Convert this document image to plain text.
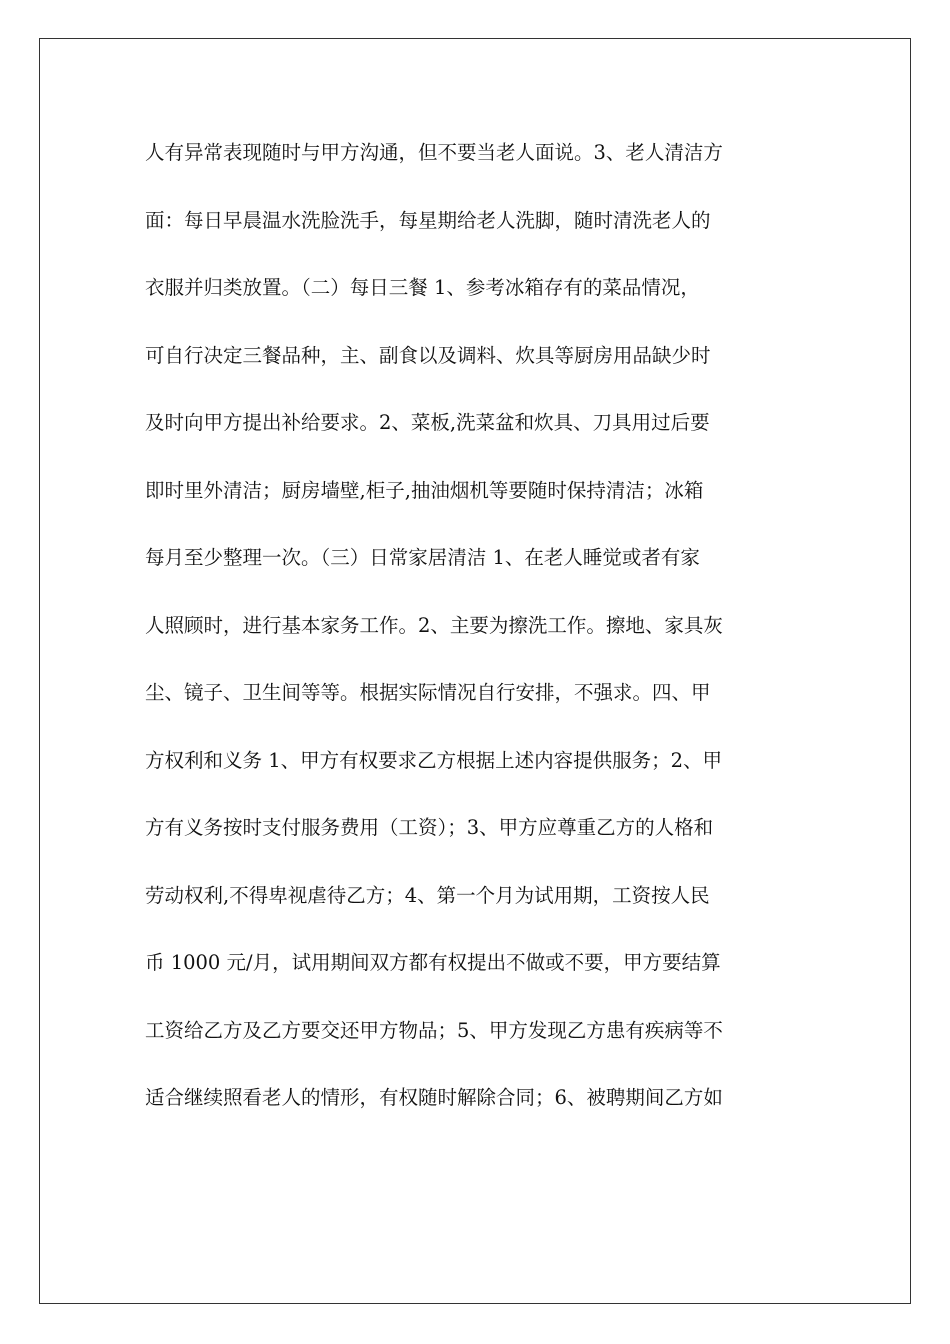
人有异常表现随时与甲方沟通，但不要当老人面说。3、老人清洁方
面：每日早晨温水洗脸洗手，每星期给老人洗脚，随时清洗老人的
衣服并归类放置。（二）每日三餐 1、参考冰箱存有的菜品情况，
可自行决定三餐品种，主、副食以及调料、炊具等厨房用品缺少时
及时向甲方提出补给要求。2、菜板,洗菜盆和炊具、刀具用过后要
即时里外清洁；厨房墙壁,柜子,抽油烟机等要随时保持清洁；冰箱
每月至少整理一次。（三）日常家居清洁 1、在老人睡觉或者有家
人照顾时，进行基本家务工作。2、主要为擦洗工作。擦地、家具灰
尘、镜子、卫生间等等。根据实际情况自行安排，不强求。四、甲
方权利和义务 1、甲方有权要求乙方根据上述内容提供服务；2、甲
方有义务按时支付服务费用（工资）；3、甲方应尊重乙方的人格和
劳动权利,不得卑视虐待乙方；4、第一个月为试用期，工资按人民
币 1000 元/月，试用期间双方都有权提出不做或不要，甲方要结算
工资给乙方及乙方要交还甲方物品；5、甲方发现乙方患有疾病等不
适合继续照看老人的情形，有权随时解除合同；6、被聘期间乙方如
